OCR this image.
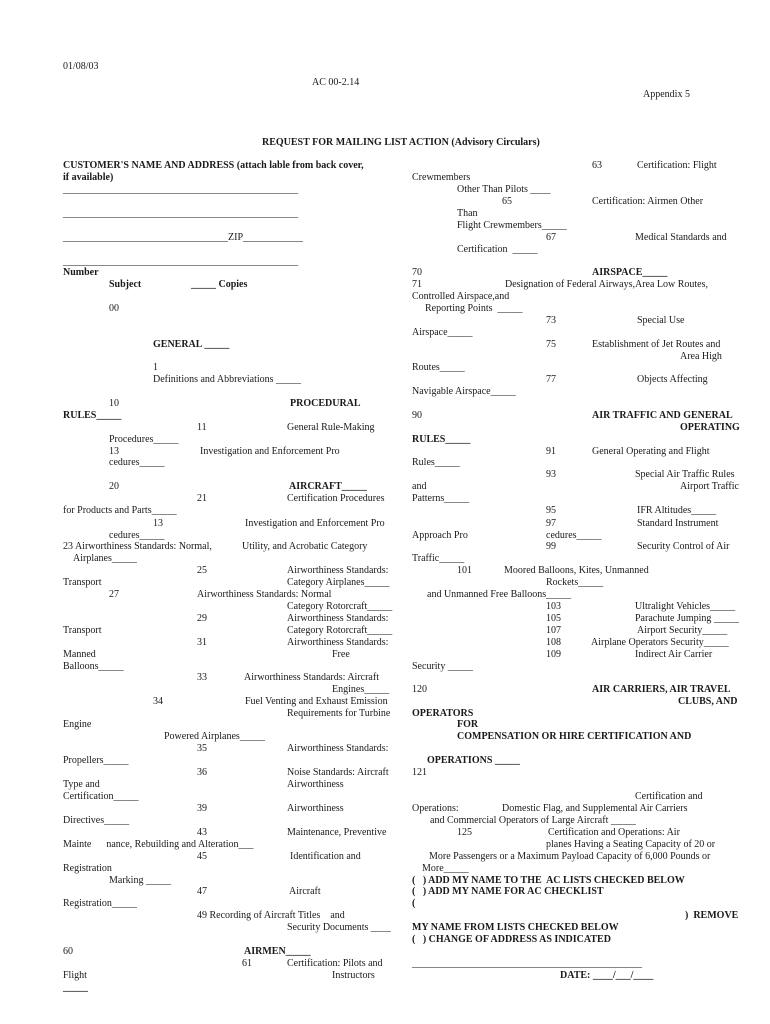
01/08/03
AC 00-2.14
Appendix 5
REQUEST FOR MAILING LIST ACTION (Advisory Circulars)
CUSTOMER'S NAME AND ADDRESS (attach lable from back cover,
if available)
_______________________________________________
_______________________________________________
_________________________________ZIP____________
_______________________________________________
Number
Subject	_____ Copies
00
GENERAL _____
1
Definitions and Abbreviations _____
10	PROCEDURAL
RULES_____
11	General Rule-Making
Procedures_____
13	Investigation and Enforcement Pro
cedures_____
20	AIRCRAFT_____
21	Certification Procedures
for Products and Parts_____
13	Investigation and Enforcement Pro
cedures_____
23 Airworthiness Standards: Normal,	Utility, and Acrobatic Category
Airplanes_____
25	Airworthiness Standards:
Transport	Category Airplanes_____
27	Airworthiness Standards: Normal
Category Rotorcraft_____
29	Airworthiness Standards:
Transport	Category Rotorcraft_____
31	Airworthiness Standards:
Manned	Free
Balloons_____
33	Airworthiness Standards: Aircraft
Engines_____
34	Fuel Venting and Exhaust Emission
Requirements for Turbine
Engine
Powered Airplanes_____
35	Airworthiness Standards:
Propellers_____
36	Noise Standards: Aircraft
Type and	Airworthiness
Certification_____
39	Airworthiness
Directives_____
43	Maintenance, Preventive
Mainte      nance, Rebuilding and Alteration___
45	Identification and
Registration
Marking _____
47	Aircraft
Registration_____
49 Recording of Aircraft Titles    and
Security Documents ____
60	AIRMEN_____
61	Certification: Pilots and
Flight	Instructors
_____
63	Certification: Flight
Crewmembers
Other Than Pilots ____
65	Certification: Airmen Other
Than
Flight Crewmembers_____
67	Medical Standards and
Certification  _____
70	AIRSPACE_____
71	Designation of Federal Airways,Area Low Routes,
Controlled Airspace,and
Reporting Points  _____
73	Special Use
Airspace_____
75	Establishment of Jet Routes and
Area High
Routes_____
77	Objects Affecting
Navigable Airspace_____
90	AIR TRAFFIC AND GENERAL
OPERATING
RULES_____
91	General Operating and Flight
Rules_____
93	Special Air Traffic Rules
and	Airport Traffic
Patterns_____
95	IFR Altitudes_____
97	Standard Instrument
Approach Pro	cedures_____
99	Security Control of Air
Traffic_____
101	Moored Balloons, Kites, Unmanned
Rockets_____
and Unmanned Free Balloons_____
103	Ultralight Vehicles_____
105	Parachute Jumping _____
107	Airport Security_____
108	Airplane Operators Security_____
109	Indirect Air Carrier
Security _____
120	AIR CARRIERS, AIR TRAVEL
CLUBS, AND
OPERATORS
FOR
COMPENSATION OR HIRE CERTIFICATION AND
OPERATIONS _____
121
Certification and
Operations:	Domestic Flag, and Supplemental Air Carriers
and Commercial Operators of Large Aircraft _____
125	Certification and Operations: Air
planes Having a Seating Capacity of 20 or
More Passengers or a Maximum Payload Capacity of 6,000 Pounds or
More_____
(   ) ADD MY NAME TO THE  AC LISTS CHECKED BELOW
(   ) ADD MY NAME FOR AC CHECKLIST
(
)  REMOVE
MY NAME FROM LISTS CHECKED BELOW
(   ) CHANGE OF ADDRESS AS INDICATED
______________________________________________
DATE: ____/___/____
